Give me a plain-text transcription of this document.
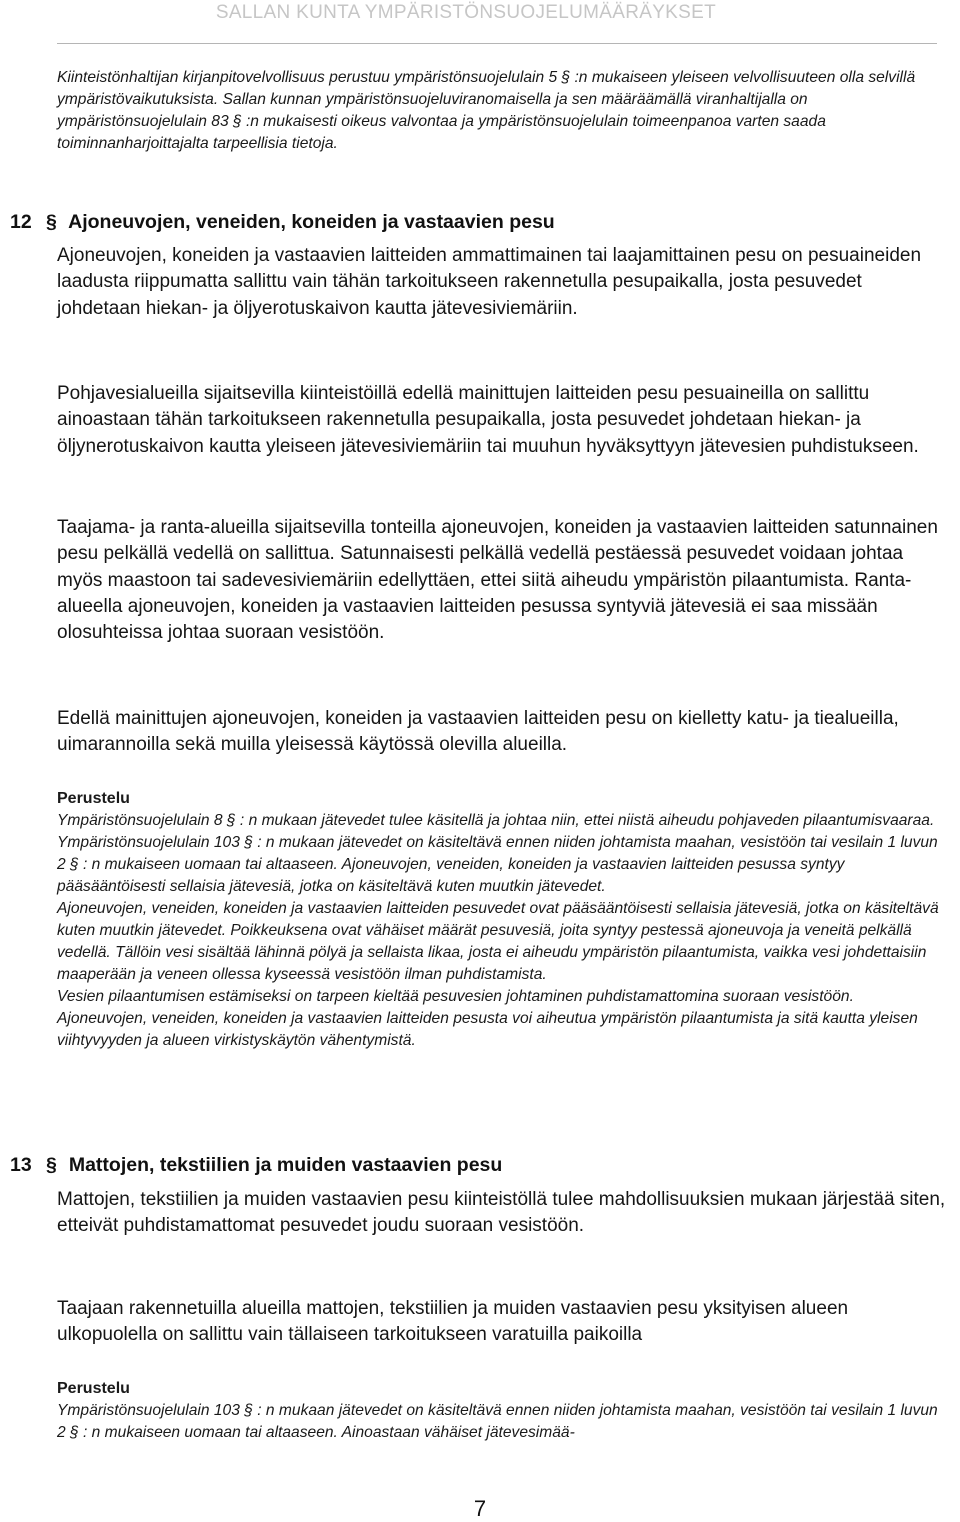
SALLAN KUNTA YMPÄRISTÖNSUOJELUMÄÄRÄYKSET

Kiinteistönhaltijan kirjanpitovelvollisuus perustuu ympäristönsuojelulain 5 § :n mukaiseen yleiseen velvollisuuteen olla selvillä ympäristövaikutuksista. Sallan kunnan ympäristönsuojeluviranomaisella ja sen määräämällä viranhaltijalla on ympäristönsuojelulain 83 § :n mukaisesti oikeus valvontaa ja ympäristönsuojelulain toimeenpanoa varten saada toiminnanharjoittajalta tarpeellisia tietoja.

12 § Ajoneuvojen, veneiden, koneiden ja vastaavien pesu

Ajoneuvojen, koneiden ja vastaavien laitteiden ammattimainen tai laajamittainen pesu on pesuaineiden laadusta riippumatta sallittu vain tähän tarkoitukseen rakennetulla pesupaikalla, josta pesuvedet johdetaan hiekan- ja öljyerotuskaivon kautta jätevesiviemäriin.

Pohjavesialueilla sijaitsevilla kiinteistöillä edellä mainittujen laitteiden pesu pesuaineilla on sallittu ainoastaan tähän tarkoitukseen rakennetulla pesupaikalla, josta pesuvedet johdetaan hiekan- ja öljynerotuskaivon kautta yleiseen jätevesiviemäriin tai muuhun hyväksyttyyn jätevesien puhdistukseen.

Taajama- ja ranta-alueilla sijaitsevilla tonteilla ajoneuvojen, koneiden ja vastaavien laitteiden satunnainen pesu pelkällä vedellä on sallittua. Satunnaisesti pelkällä vedellä pestäessä pesuvedet voidaan johtaa myös maastoon tai sadevesiviemäriin edellyttäen, ettei siitä aiheudu ympäristön pilaantumista. Ranta-alueella ajoneuvojen, koneiden ja vastaavien laitteiden pesussa syntyviä jätevesiä ei saa missään olosuhteissa johtaa suoraan vesistöön.

Edellä mainittujen ajoneuvojen, koneiden ja vastaavien laitteiden pesu on kielletty katu- ja tiealueilla, uimarannoilla sekä muilla yleisessä käytössä olevilla alueilla.

Perustelu

Ympäristönsuojelulain 8 § : n mukaan jätevedet tulee käsitellä ja johtaa niin, ettei niistä aiheudu pohjaveden pilaantumisvaaraa. Ympäristönsuojelulain 103 § : n mukaan jätevedet on käsiteltävä ennen niiden johtamista maahan, vesistöön tai vesilain 1 luvun 2 § : n mukaiseen uomaan tai altaaseen. Ajoneuvojen, veneiden, koneiden ja vastaavien laitteiden pesussa syntyy pääsääntöisesti sellaisia jätevesiä, jotka on käsiteltävä kuten muutkin jätevedet.

Ajoneuvojen, veneiden, koneiden ja vastaavien laitteiden pesuvedet ovat pääsääntöisesti sellaisia jätevesiä, jotka on käsiteltävä kuten muutkin jätevedet. Poikkeuksena ovat vähäiset määrät pesuvesiä, joita syntyy pestessä ajoneuvoja ja veneitä pelkällä vedellä. Tällöin vesi sisältää lähinnä pölyä ja sellaista likaa, josta ei aiheudu ympäristön pilaantumista, vaikka vesi johdettaisiin maaperään ja veneen ollessa kyseessä vesistöön ilman puhdistamista.

Vesien pilaantumisen estämiseksi on tarpeen kieltää pesuvesien johtaminen puhdistamattomina suoraan vesistöön. Ajoneuvojen, veneiden, koneiden ja vastaavien laitteiden pesusta voi aiheutua ympäristön pilaantumista ja sitä kautta yleisen viihtyvyyden ja alueen virkistyskäytön vähentymistä.

13 § Mattojen, tekstiilien ja muiden vastaavien pesu

Mattojen, tekstiilien ja muiden vastaavien pesu kiinteistöllä tulee mahdollisuuksien mukaan järjestää siten, etteivät puhdistamattomat pesuvedet joudu suoraan vesistöön.

Taajaan rakennetuilla alueilla mattojen, tekstiilien ja muiden vastaavien pesu yksityisen alueen ulkopuolella on sallittu vain tällaiseen tarkoitukseen varatuilla paikoilla

Perustelu

Ympäristönsuojelulain 103 § : n mukaan jätevedet on käsiteltävä ennen niiden johtamista maahan, vesistöön tai vesilain 1 luvun 2 § : n mukaiseen uomaan tai altaaseen. Ainoastaan vähäiset jätevesimää-

7
